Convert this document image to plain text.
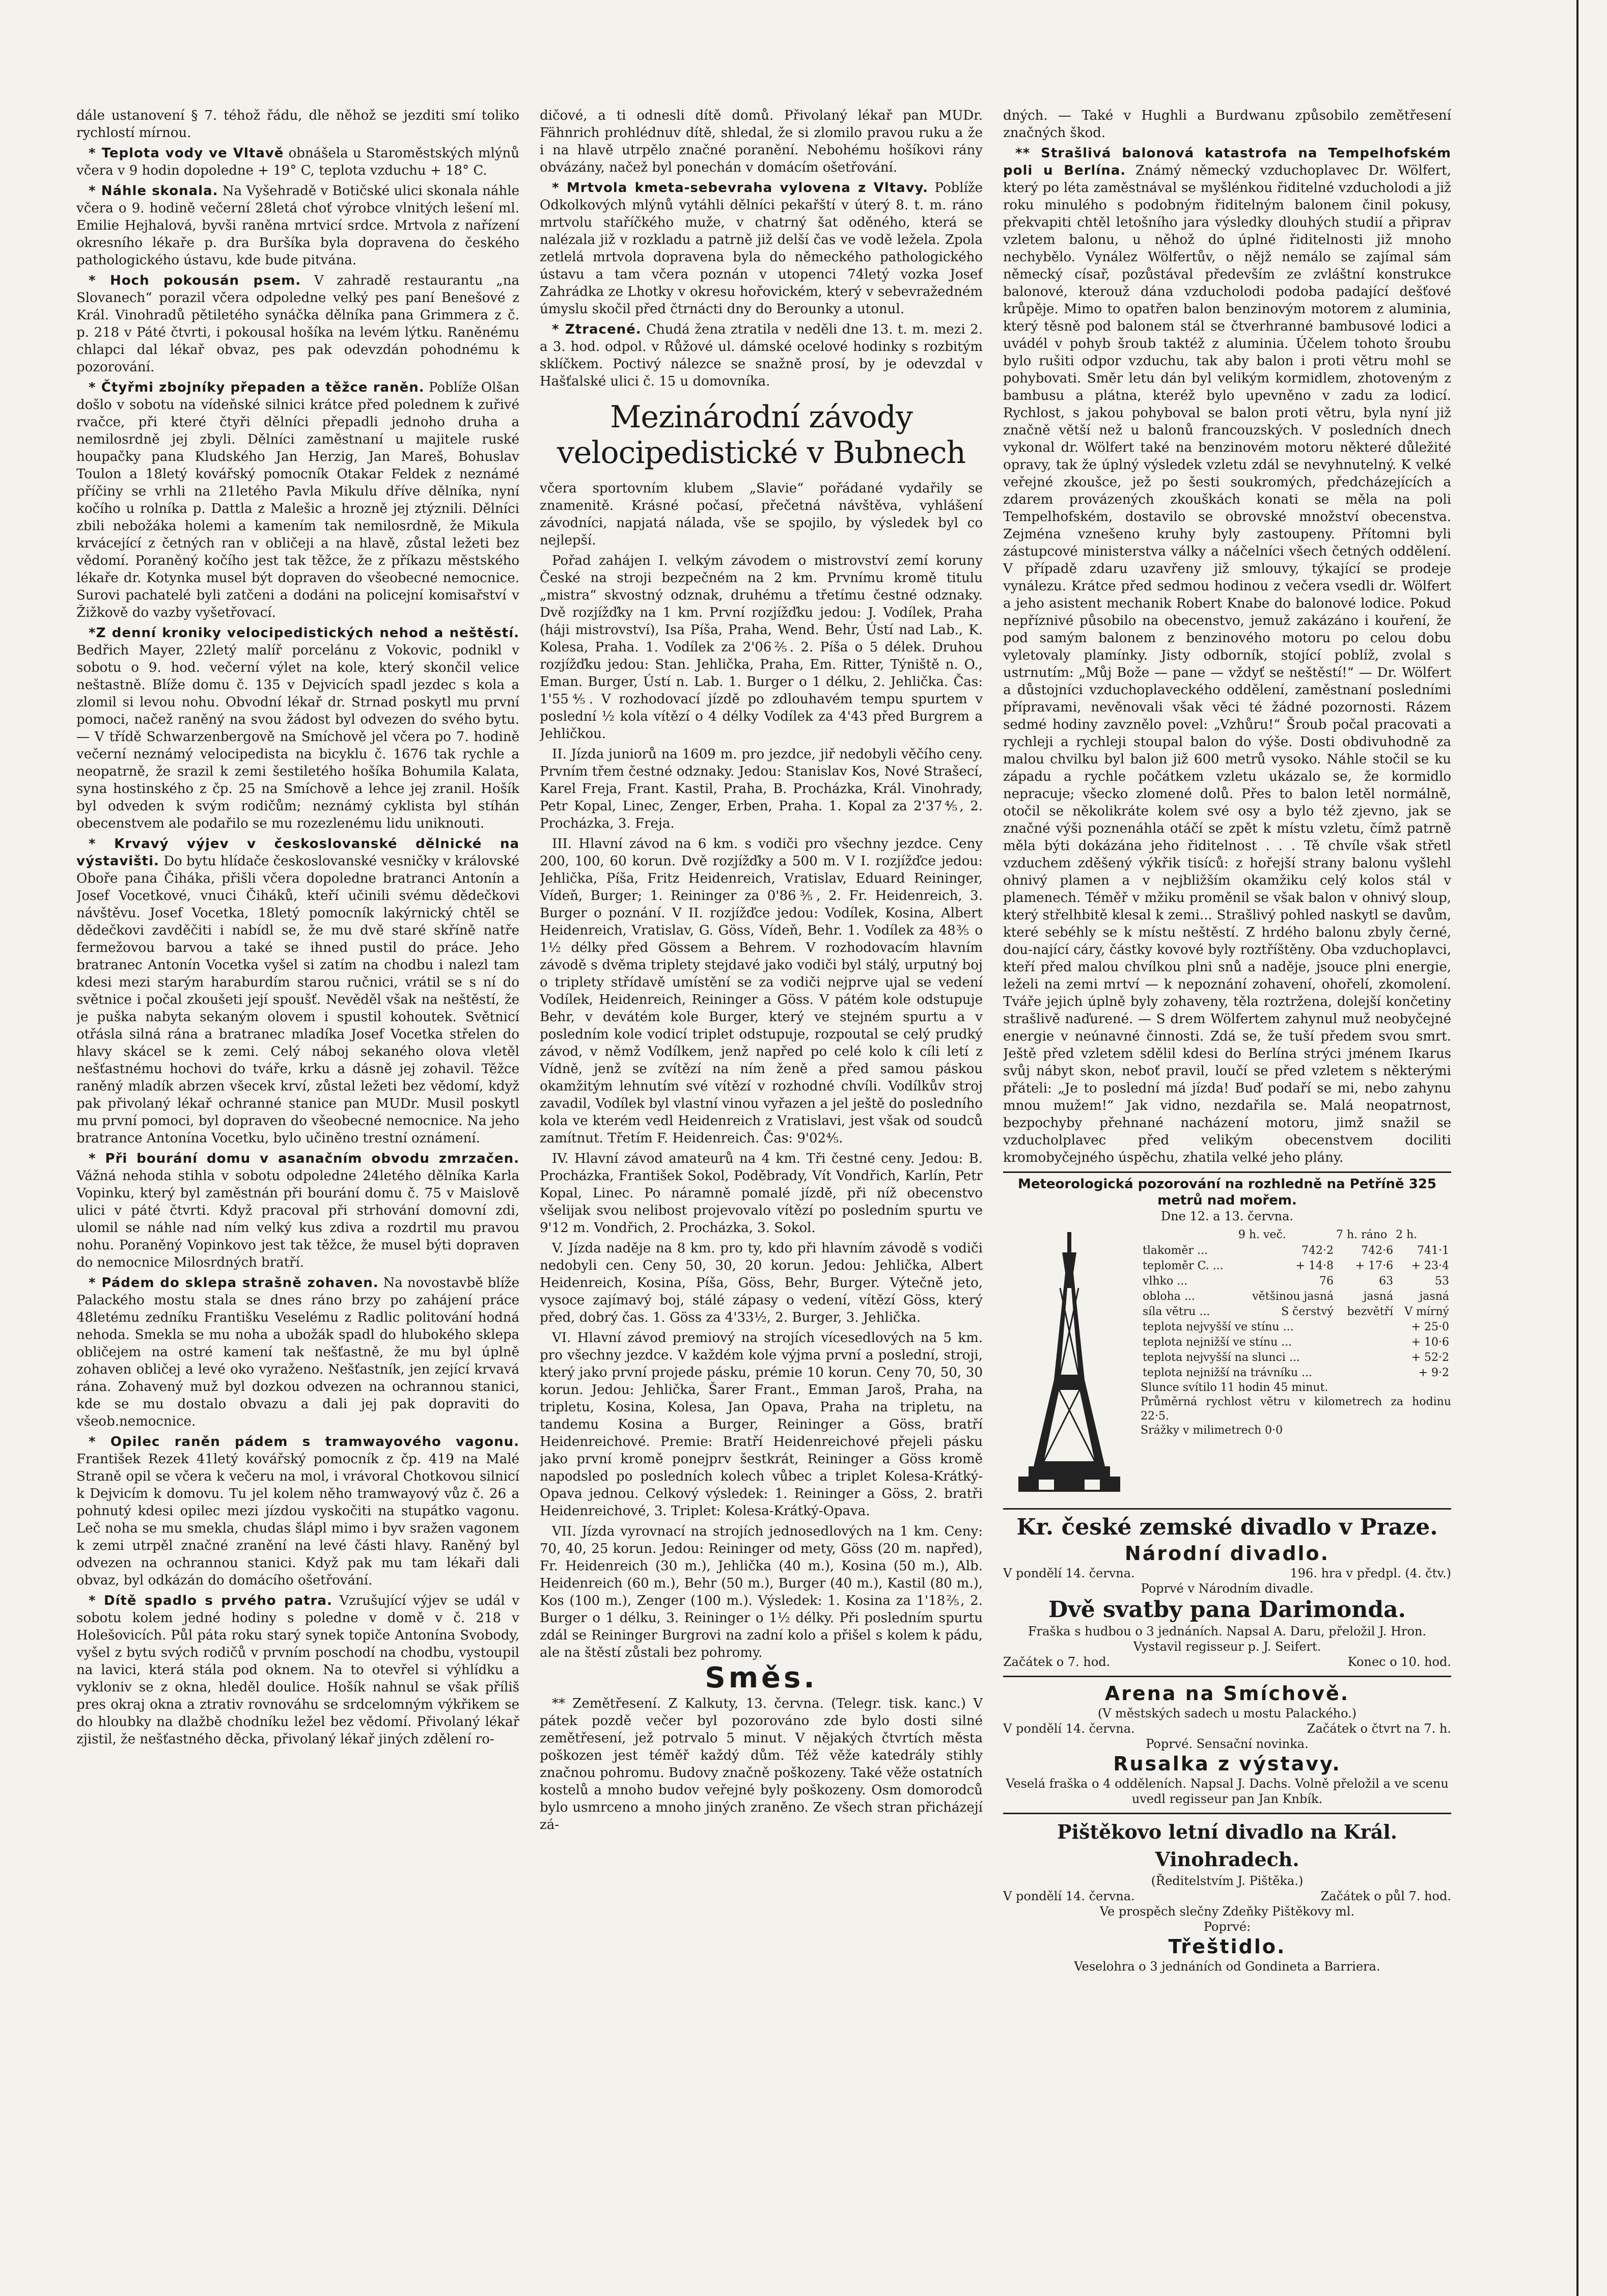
dále ustanovení § 7. téhož řádu, dle něhož se jezditi smí toliko rychlostí mírnou.

* Teplota vody ve Vltavě obnášela u Staroměstských mlýnů včera v 9 hodin dopoledne + 19° C, teplota vzduchu + 18° C.

* Náhle skonala. Na Vyšehradě v Botičské ulici skonala náhle včera o 9. hodině večerní 28letá choť výrobce vlnitých lešení ml. Emilie Hejhalová, byvši raněna mrtvicí srdce. Mrtvola z nařízení okresního lékaře p. dra Buršíka byla dopravena do českého pathologického ústavu, kde bude pitvána.

* Hoch pokousán psem. V zahradě restaurantu „na Slovanech“ porazil včera odpoledne velký pes paní Benešové z Král. Vinohradů pětiletého synáčka dělníka pana Grimmera z č. p. 218 v Páté čtvrti, i pokousal hošíka na levém lýtku. Raněnému chlapci dal lékař obvaz, pes pak odevzdán pohodnému k pozorování.

* Čtyřmi zbojníky přepaden a těžce raněn. Poblíže Olšan došlo v sobotu na vídeňské silnici krátce před polednem k zuřivé rvačce, při které čtyři dělníci přepadli jednoho druha a nemilosrdně jej zbyli. Dělníci zaměstnaní u majitele ruské houpačky pana Kludského Jan Herzig, Jan Mareš, Bohuslav Toulon a 18letý kovářský pomocník Otakar Feldek z neznámé příčiny se vrhli na 21letého Pavla Mikulu dříve dělníka, nyní kočího u rolníka p. Dattla z Malešic a hrozně jej ztýznili. Dělníci zbili nebožáka holemi a kamením tak nemilosrdně, že Mikula krvácející z četných ran v obličeji a na hlavě, zůstal ležeti bez vědomí. Poraněný kočího jest tak těžce, že z příkazu městského lékaře dr. Kotynka musel být dopraven do všeobecné nemocnice. Surovi pachatelé byli zatčeni a dodáni na policejní komisařství v Žižkově do vazby vyšetřovací.

*Z denní kroniky velocipedistických nehod a neštěstí. Bedřich Mayer, 22letý malíř porcelánu z Vokovic, podnikl v sobotu o 9. hod. večerní výlet na kole, který skončil velice neštastně. Blíže domu č. 135 v Dejvicích spadl jezdec s kola a zlomil si levou nohu. Obvodní lékař dr. Strnad poskytl mu první pomoci, načež raněný na svou žádost byl odvezen do svého bytu. — V třídě Schwarzenbergově na Smíchově jel včera po 7. hodině večerní neznámý velocipedista na bicyklu č. 1676 tak rychle a neopatrně, že srazil k zemi šestiletého hošíka Bohumila Kalata, syna hostinského z čp. 25 na Smíchově a lehce jej zranil. Hošík byl odveden k svým rodičům; neznámý cyklista byl stíhán obecenstvem ale podařilo se mu rozezlenému lidu uniknouti.

* Krvavý výjev v českoslovanské dělnické na výstavišti. Do bytu hlídače českoslovanské vesničky v královské Oboře pana Čiháka, přišli včera dopoledne bratranci Antonín a Josef Vocetkové, vnuci Čiháků, kteří učinili svému dědečkovi návštěvu. Josef Vocetka, 18letý pomocník lakýrnický chtěl se dědečkovi zavděčiti i nabídl se, že mu dvě staré skříně natře fermežovou barvou a také se ihned pustil do práce. Jeho bratranec Antonín Vocetka vyšel si zatím na chodbu i nalezl tam kdesi mezi starým haraburdím starou ručnici, vrátil se s ní do světnice i počal zkoušeti její spoušť. Nevěděl však na neštěstí, že je puška nabyta sekaným olovem i spustil kohoutek. Světnicí otřásla silná rána a bratranec mladíka Josef Vocetka střelen do hlavy skácel se k zemi. Celý náboj sekaného olova vletěl nešťastnému hochovi do tváře, krku a dásně jej zohavil. Těžce raněný mladík abrzen všecek krví, zůstal ležeti bez vědomí, když pak přivolaný lékař ochranné stanice pan MUDr. Musil poskytl mu první pomoci, byl dopraven do všeobecné nemocnice. Na jeho bratrance Antonína Vocetku, bylo učiněno trestní oznámení.

* Při bourání domu v asanačním obvodu zmrzačen. Vážná nehoda stihla v sobotu odpoledne 24letého dělníka Karla Vopinku, který byl zaměstnán při bourání domu č. 75 v Maislově ulici v páté čtvrti. Když pracoval při strhování domovní zdi, ulomil se náhle nad ním velký kus zdiva a rozdrtil mu pravou nohu. Poraněný Vopinkovo jest tak těžce, že musel býti dopraven do nemocnice Milosrdných bratří.

* Pádem do sklepa strašně zohaven. Na novostavbě blíže Palackého mostu stala se dnes ráno brzy po zahájení práce 48letému zedníku Františku Veselému z Radlic politování hodná nehoda. Smekla se mu noha a ubožák spadl do hlubokého sklepa obličejem na ostré kamení tak nešťastně, že mu byl úplně zohaven obličej a levé oko vyraženo. Nešťastník, jen zející krvavá rána. Zohavený muž byl dozkou odvezen na ochrannou stanici, kde se mu dostalo obvazu a dali jej pak dopraviti do všeob.nemocnice.

* Opilec raněn pádem s tramwayového vagonu. František Rezek 41letý kovářský pomocník z čp. 419 na Malé Straně opil se včera k večeru na mol, i vrávoral Chotkovou silnicí k Dejvicím k domovu. Tu jel kolem něho tramwayový vůz č. 26 a pohnutý kdesi opilec mezi jízdou vyskočiti na stupátko vagonu. Leč noha se mu smekla, chudas šlápl mimo i byv sražen vagonem k zemi utrpěl značné zranění na levé části hlavy. Raněný byl odvezen na ochrannou stanici. Když pak mu tam lékaři dali obvaz, byl odkázán do domácího ošetřování.

* Dítě spadlo s prvého patra. Vzrušující výjev se udál v sobotu kolem jedné hodiny s poledne v domě v č. 218 v Holešovicích. Půl páta roku starý synek topiče Antonína Svobody, vyšel z bytu svých rodičů v prvním poschodí na chodbu, vystoupil na lavici, která stála pod oknem. Na to otevřel si výhlídku a vykloniv se z okna, hleděl doulice. Hošík nahnul se však příliš pres okraj okna a ztrativ rovnováhu se srdcelomným výkřikem se do hloubky na dlažbě chodníku ležel bez vědomí. Přivolaný lékař zjistil, že nešťastného děcka, přivolaný lékař jiných zdělení ro-

dičové, a ti odnesli dítě domů. Přivolaný lékař pan MUDr. Fähnrich prohlédnuv dítě, shledal, že si zlomilo pravou ruku a že i na hlavě utrpělo značné poranění. Nebohému hošíkovi rány obvázány, načež byl ponechán v domácím ošetřování.

* Mrtvola kmeta-sebevraha vylovena z Vltavy. Poblíže Odkolkových mlýnů vytáhli dělníci pekařští v úterý 8. t. m. ráno mrtvolu staříčkého muže, v chatrný šat oděného, která se nalézala již v rozkladu a patrně již delší čas ve vodě ležela. Zpola zetlelá mrtvola dopravena byla do německého pathologického ústavu a tam včera poznán v utopenci 74letý vozka Josef Zahrádka ze Lhotky v okresu hořovickém, který v sebevražedném úmyslu skočil před čtrnácti dny do Berounky a utonul.

* Ztracené. Chudá žena ztratila v neděli dne 13. t. m. mezi 2. a 3. hod. odpol. v Růžové ul. dámské ocelové hodinky s rozbitým sklíčkem. Poctivý nálezce se snažně prosí, by je odevzdal v Hašťalské ulici č. 15 u domovníka.

Mezinárodní závody velocipedistické v Bubnech

včera sportovním klubem „Slavie“ pořádané vydařily se znamenitě. Krásné počasí, přečetná návštěva, vyhlášení závodníci, napjatá nálada, vše se spojilo, by výsledek byl co nejlepší.

Pořad zahájen I. velkým závodem o mistrovství zemí koruny České na stroji bezpečném na 2 km. Prvnímu kromě titulu „mistra“ skvostný odznak, druhému a třetímu čestné odznaky. Dvě rozjížďky na 1 km. První rozjížďku jedou: J. Vodílek, Praha (háji mistrovství), Isa Píša, Praha, Wend. Behr, Ústí nad Lab., K. Kolesa, Praha. 1. Vodílek za 2'06⅖. 2. Píša o 5 délek. Druhou rozjížďku jedou: Stan. Jehlička, Praha, Em. Ritter, Týniště n. O., Eman. Burger, Ústí n. Lab. 1. Burger o 1 délku, 2. Jehlička. Čas: 1'55⅘. V rozhodovací jízdě po zdlouhavém tempu spurtem v poslední ½ kola vítězí o 4 délky Vodílek za 4'43 před Burgrem a Jehličkou.

II. Jízda juniorů na 1609 m. pro jezdce, jiř nedobyli věčího ceny. Prvním třem čestné odznaky. Jedou: Stanislav Kos, Nové Strašecí, Karel Freja, Frant. Kastil, Praha, B. Procházka, Král. Vinohrady, Petr Kopal, Linec, Zenger, Erben, Praha. 1. Kopal za 2'37⅘, 2. Procházka, 3. Freja.

III. Hlavní závod na 6 km. s vodiči pro všechny jezdce. Ceny 200, 100, 60 korun. Dvě rozjížďky a 500 m. V I. rozjížďce jedou: Jehlička, Píša, Fritz Heidenreich, Vratislav, Eduard Reininger, Vídeň, Burger; 1. Reininger za 0'86⅗, 2. Fr. Heidenreich, 3. Burger o poznání. V II. rozjížďce jedou: Vodílek, Kosina, Albert Heidenreich, Vratislav, G. Göss, Vídeň, Behr. 1. Vodílek za 48⅗ o 1½ délky před Gössem a Behrem. V rozhodovacím hlavním závodě s dvěma triplety stejdavé jako vodiči byl stálý, urputný boj o triplety střídavě umístění se za vodiči nejprve ujal se vedení Vodílek, Heidenreich, Reininger a Göss. V pátém kole odstupuje Behr, v devátém kole Burger, který ve stejném spurtu a v posledním kole vodicí triplet odstupuje, rozpoutal se celý prudký závod, v němž Vodílkem, jenž napřed po celé kolo k cíli letí z Vídně, jenž se zvítězí na ním ženě a před samou páskou okamžitým lehnutím své vítězí v rozhodné chvíli. Vodílkův stroj zavadil, Vodílek byl vlastní vinou vyřazen a jel ještě do posledního kola ve kterém vedl Heidenreich z Vratislavi, jest však od soudců zamítnut. Třetím F. Heidenreich. Čas: 9'02⅘.

IV. Hlavní závod amateurů na 4 km. Tři čestné ceny. Jedou: B. Procházka, František Sokol, Poděbrady, Vít Vondřich, Karlín, Petr Kopal, Linec. Po náramně pomalé jízdě, při níž obecenstvo všelijak svou nelibost projevovalo vítězí po posledním spurtu ve 9'12 m. Vondřich, 2. Procházka, 3. Sokol.

V. Jízda naděje na 8 km. pro ty, kdo při hlavním závodě s vodiči nedobyli cen. Ceny 50, 30, 20 korun. Jedou: Jehlička, Albert Heidenreich, Kosina, Píša, Göss, Behr, Burger. Výtečně jeto, vysoce zajímavý boj, stálé zápasy o vedení, vítězí Göss, který před, dobrý čas. 1. Göss za 4'33½, 2. Burger, 3. Jehlička.

VI. Hlavní závod premiový na strojích vícesedlových na 5 km. pro všechny jezdce. V každém kole výjma první a poslední, stroji, který jako první projede pásku, prémie 10 korun. Ceny 70, 50, 30 korun. Jedou: Jehlička, Šarer Frant., Emman Jaroš, Praha, na tripletu, Kosina, Kolesa, Jan Opava, Praha na tripletu, na tandemu Kosina a Burger, Reininger a Göss, bratří Heidenreichové. Premie: Bratří Heidenreichové přejeli pásku jako první kromě ponejprv šestkrát, Reininger a Göss kromě napodsled po posledních kolech vůbec a triplet Kolesa-Krátký-Opava jednou. Celkový výsledek: 1. Reininger a Göss, 2. bratři Heidenreichové, 3. Triplet: Kolesa-Krátký-Opava.

VII. Jízda vyrovnací na strojích jednosedlových na 1 km. Ceny: 70, 40, 25 korun. Jedou: Reininger od mety, Göss (20 m. napřed), Fr. Heidenreich (30 m.), Jehlička (40 m.), Kosina (50 m.), Alb. Heidenreich (60 m.), Behr (50 m.), Burger (40 m.), Kastil (80 m.), Kos (100 m.), Zenger (100 m.). Výsledek: 1. Kosina za 1'18⅖, 2. Burger o 1 délku, 3. Reininger o 1½ délky. Při posledním spurtu zdál se Reininger Burgrovi na zadní kolo a přišel s kolem k pádu, ale na štěstí zůstali bez pohromy.

Směs.

** Zemětřesení. Z Kalkuty, 13. června. (Telegr. tisk. kanc.) V pátek pozdě večer byl pozorováno zde bylo dosti silné zemětřesení, jež potrvalo 5 minut. V nějakých čtvrtích města poškozen jest téměř každý dům. Též věže katedrály stihly značnou pohromu. Budovy značně poškozeny. Také věže ostatních kostelů a mnoho budov veřejné byly poškozeny. Osm domorodců bylo usmrceno a mnoho jiných zraněno. Ze všech stran přicházejí zá-

dných. — Také v Hughli a Burdwanu způsobilo zemětřesení značných škod.

** Strašlivá balonová katastrofa na Tempelhofském poli u Berlína. Známý německý vzduchoplavec Dr. Wölfert, který po léta zaměstnával se myšlénkou řiditelné vzducholodi a již roku minulého s podobným řiditelným balonem činil pokusy, překvapiti chtěl letošního jara výsledky dlouhých studií a připrav vzletem balonu, u něhož do úplné řiditelnosti již mnoho nechybělo. Vynález Wölfertův, o nějž nemálo se zajímal sám německý císař, pozůstával především ze zvláštní konstrukce balonové, kterouž dána vzducholodi podoba padající dešťové krůpěje. Mimo to opatřen balon benzinovým motorem z aluminia, který těsně pod balonem stál se čtverhranné bambusové lodici a uvádél v pohyb šroub taktéž z aluminia. Účelem tohoto šroubu bylo rušiti odpor vzduchu, tak aby balon i proti větru mohl se pohybovati. Směr letu dán byl velikým kormidlem, zhotoveným z bambusu a plátna, kteréž bylo upevněno v zadu za lodicí. Rychlost, s jakou pohyboval se balon proti větru, byla nyní již značně větší než u balonů francouzských. V posledních dnech vykonal dr. Wölfert také na benzinovém motoru některé důležité opravy, tak že úplný výsledek vzletu zdál se nevyhnutelný. K velké veřejné zkoušce, jež po šesti soukromých, předcházejících a zdarem provázených zkouškách konati se měla na poli Tempelhofském, dostavilo se obrovské množství obecenstva. Zejména vznešeno kruhy byly zastoupeny. Přítomni byli zástupcové ministerstva války a náčelníci všech četných oddělení. V případě zdaru uzavřeny již smlouvy, týkající se prodeje vynálezu. Krátce před sedmou hodinou z večera vsedli dr. Wölfert a jeho asistent mechanik Robert Knabe do balonové lodice. Pokud nepříznivé působilo na obecenstvo, jemuž zakázáno i kouření, že pod samým balonem z benzinového motoru po celou dobu vyletovaly plamínky. Jisty odborník, stojící poblíž, zvolal s ustrnutím: „Můj Bože — pane — vždyť se neštěstí!“ — Dr. Wölfert a důstojníci vzduchoplaveckého oddělení, zaměstnaní posledními přípravami, nevěnovali však věci té žádné pozornosti. Rázem sedmé hodiny zavznělo povel: „Vzhůru!“ Šroub počal pracovati a rychleji a rychleji stoupal balon do výše. Dosti obdivuhodně za malou chvilku byl balon již 600 metrů vysoko. Náhle stočil se ku západu a rychle počátkem vzletu ukázalo se, že kormidlo nepracuje; všecko zlomené dolů. Přes to balon letěl normálně, otočil se několikráte kolem své osy a bylo též zjevno, jak se značné výši poznenáhla otáčí se zpět k místu vzletu, čímž patrně měla býti dokázána jeho řiditelnost . . . Tě chvíle však střetl vzduchem zděšený výkřik tisíců: z hořejší strany balonu vyšlehl ohnivý plamen a v nejbližším okamžiku celý kolos stál v plamenech. Téměř v mžiku proměnil se však balon v ohnivý sloup, který střelhbitě klesal k zemi... Strašlivý pohled naskytl se davům, které sebéhly se k místu neštěstí. Z hrdého balonu zbyly černé, dou-nající cáry, částky kovové byly roztříštěny. Oba vzduchoplavci, kteří před malou chvílkou plni snů a naděje, jsouce plni energie, leželi na zemi mrtví — k nepoznání zohavení, ohořelí, zkomolení. Tváře jejich úplně byly zohaveny, těla roztržena, dolejší končetiny strašlivě naďurené. — S drem Wölfertem zahynul muž neobyčejné energie v neúnavné činnosti. Zdá se, že tuší předem svou smrt. Ještě před vzletem sdělil kdesi do Berlína strýci jménem Ikarus svůj nábyt skon, neboť pravil, loučí se před vzletem s některými přáteli: „Je to poslední má jízda! Buď podaří se mi, nebo zahynu mnou mužem!“ Jak vidno, nezdařila se. Malá neopatrnost, bezpochyby přehnané nacházení motoru, jimž snažil se vzducholplavec před velikým obecenstvem dociliti kromobyčejného úspěchu, zhatila velké jeho plány.

Meteorologická pozorování na rozhledně na Petříně 325 metrů nad mořem.
Dne 12. a 13. června.
	9 h. več.	7 h. ráno	2 h.
tlakoměr ...	742·2	742·6	741·1
teploměr C. ...	+ 14·8	+ 17·6	+ 23·4
vlhko ...	76	63	53
obloha ...	většinou jasná	jasná	jasná
síla větru ...	S čerstvý	bezvětří	V mírný
teplota nejvyšší ve stínu ...	+ 25·0
teplota nejnižší ve stínu ...	+ 10·6
teplota nejvyšší na slunci ...	+ 52·2
teplota nejnižší na trávníku ...	+ 9·2
Slunce svítilo 11 hodin 45 minut.
Průměrná rychlost větru v kilometrech za hodinu 22·5.
Srážky v milimetrech 0·0
Kr. české zemské divadlo v Praze.
Národní divadlo.
V pondělí 14. června.	196. hra v předpl. (4. čtv.)
Poprvé v Národním divadle.
Dvě svatby pana Darimonda.
Fraška s hudbou o 3 jednáních. Napsal A. Daru, přeložil J. Hron. Vystavil regisseur p. J. Seifert.
Začátek o 7. hod.	Konec o 10. hod.
Arena na Smíchově.
(V městských sadech u mostu Palackého.)
V pondělí 14. června.	Začátek o čtvrt na 7. h.
Poprvé. Sensační novinka.
Rusalka z výstavy.
Veselá fraška o 4 odděleních. Napsal J. Dachs. Volně přeložil a ve scenu uvedl regisseur pan Jan Knbík.
Pištěkovo letní divadlo na Král. Vinohradech.
(Ředitelstvím J. Pištěka.)
V pondělí 14. června.	Začátek o půl 7. hod.
Ve prospěch slečny Zdeňky Pištěkovy ml.
Poprvé:
Třeštidlo.
Veselohra o 3 jednáních od Gondineta a Barriera.
